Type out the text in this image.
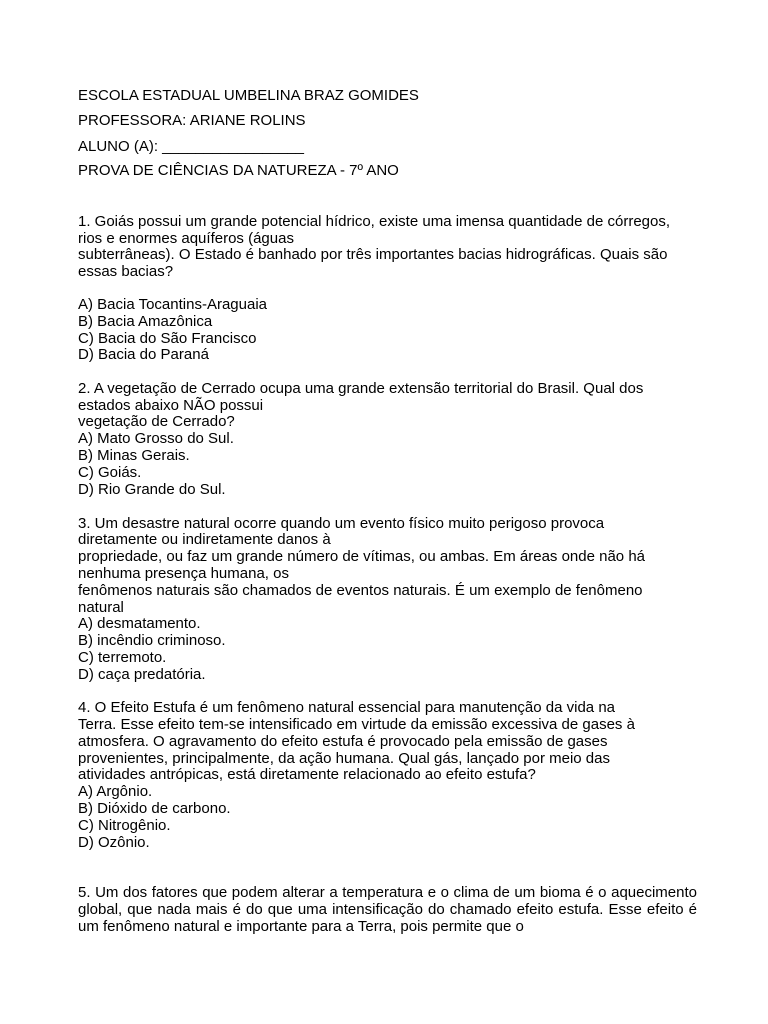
ESCOLA ESTADUAL UMBELINA BRAZ GOMIDES
PROFESSORA: ARIANE ROLINS
ALUNO (A): _________________
PROVA DE CIÊNCIAS DA NATUREZA - 7º ANO
1. Goiás possui um grande potencial hídrico, existe uma imensa quantidade de córregos,
rios e enormes aquíferos (águas
subterrâneas). O Estado é banhado por três importantes bacias hidrográficas. Quais são
essas bacias?
A) Bacia Tocantins-Araguaia
B) Bacia Amazônica
C) Bacia do São Francisco
D) Bacia do Paraná
2. A vegetação de Cerrado ocupa uma grande extensão territorial do Brasil. Qual dos
estados abaixo NÃO possui
vegetação de Cerrado?
A) Mato Grosso do Sul.
B) Minas Gerais.
C) Goiás.
D) Rio Grande do Sul.
3. Um desastre natural ocorre quando um evento físico muito perigoso provoca
diretamente ou indiretamente danos à
propriedade, ou faz um grande número de vítimas, ou ambas. Em áreas onde não há
nenhuma presença humana, os
fenômenos naturais são chamados de eventos naturais. É um exemplo de fenômeno
natural
A) desmatamento.
B) incêndio criminoso.
C) terremoto.
D) caça predatória.
4. O Efeito Estufa é um fenômeno natural essencial para manutenção da vida na
Terra. Esse efeito tem-se intensificado em virtude da emissão excessiva de gases à
atmosfera. O agravamento do efeito estufa é provocado pela emissão de gases
provenientes, principalmente, da ação humana. Qual gás, lançado por meio das
atividades antrópicas, está diretamente relacionado ao efeito estufa?
A) Argônio.
B) Dióxido de carbono.
C) Nitrogênio.
D) Ozônio.
5. Um dos fatores que podem alterar a temperatura e o clima de um bioma é o aquecimento global, que nada mais é do que uma intensificação do chamado efeito estufa. Esse efeito é um fenômeno natural e importante para a Terra, pois permite que o
